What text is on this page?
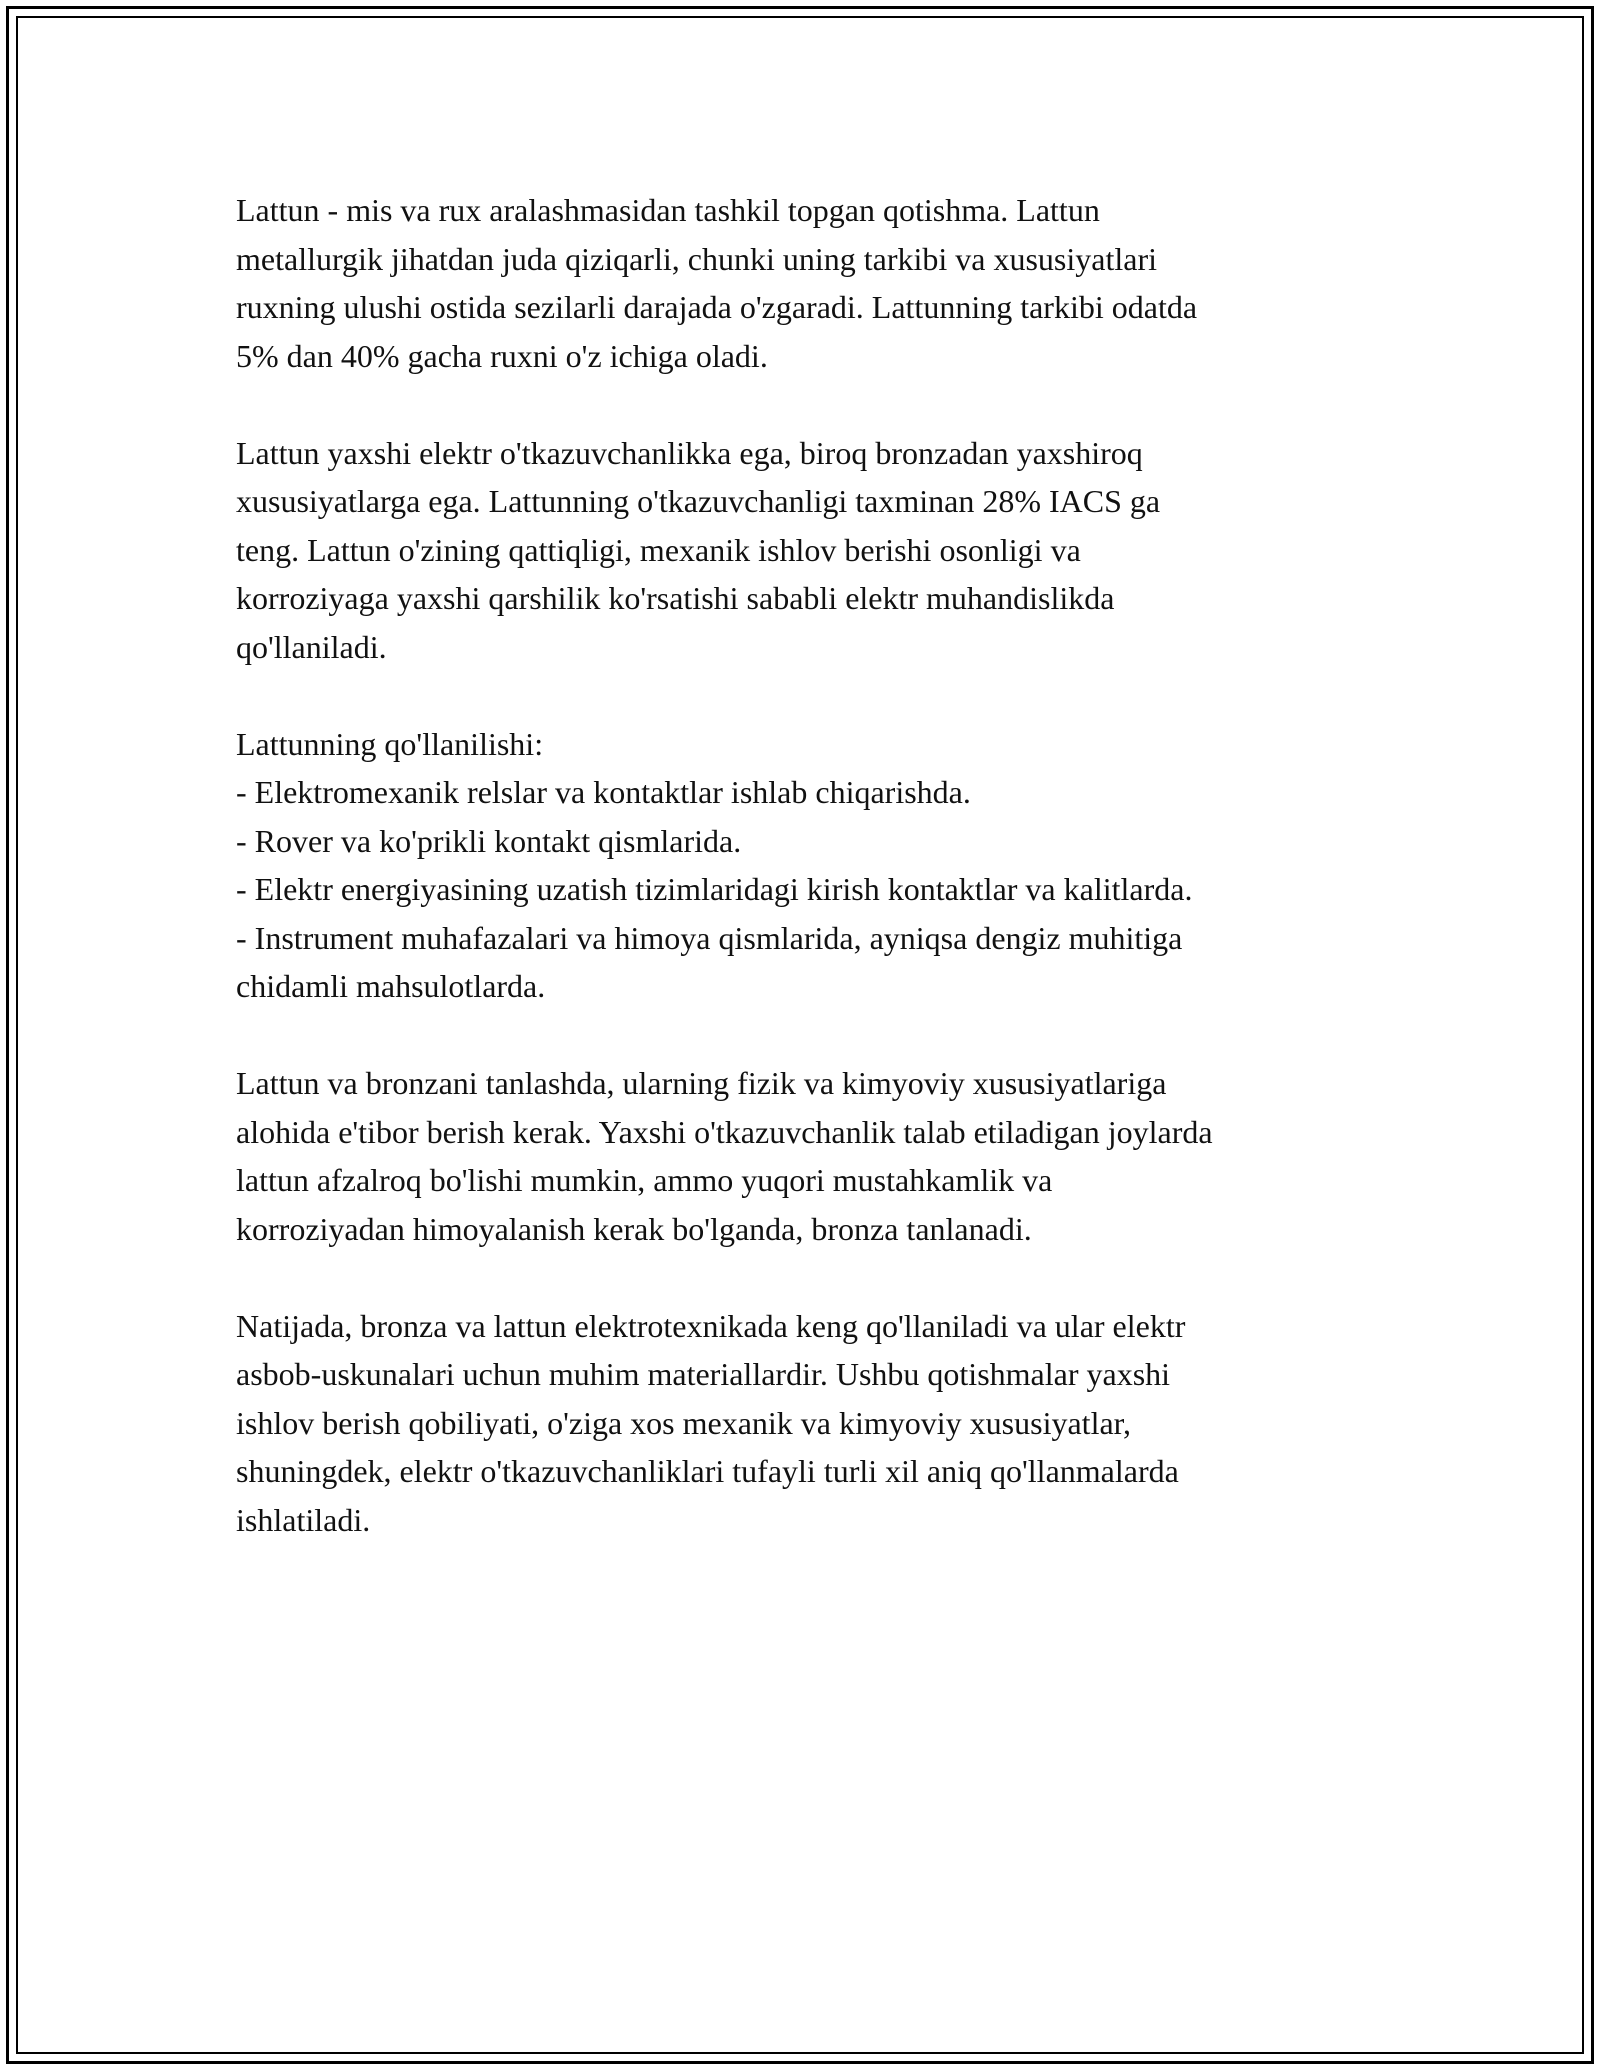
Lattun - mis va rux aralashmasidan tashkil topgan qotishma. Lattun
metallurgik jihatdan juda qiziqarli, chunki uning tarkibi va xususiyatlari
ruxning ulushi ostida sezilarli darajada o'zgaradi. Lattunning tarkibi odatda
5% dan 40% gacha ruxni o'z ichiga oladi.

Lattun yaxshi elektr o'tkazuvchanlikka ega, biroq bronzadan yaxshiroq
xususiyatlarga ega. Lattunning o'tkazuvchanligi taxminan 28% IACS ga
teng. Lattun o'zining qattiqligi, mexanik ishlov berishi osonligi va
korroziyaga yaxshi qarshilik ko'rsatishi sababli elektr muhandislikda
qo'llaniladi.

Lattunning qo'llanilishi:
- Elektromexanik relslar va kontaktlar ishlab chiqarishda.
- Rover va ko'prikli kontakt qismlarida.
- Elektr energiyasining uzatish tizimlaridagi kirish kontaktlar va kalitlarda.
- Instrument muhafazalari va himoya qismlarida, ayniqsa dengiz muhitiga
chidamli mahsulotlarda.

Lattun va bronzani tanlashda, ularning fizik va kimyoviy xususiyatlariga
alohida e'tibor berish kerak. Yaxshi o'tkazuvchanlik talab etiladigan joylarda
lattun afzalroq bo'lishi mumkin, ammo yuqori mustahkamlik va
korroziyadan himoyalanish kerak bo'lganda, bronza tanlanadi.

Natijada, bronza va lattun elektrotexnikada keng qo'llaniladi va ular elektr
asbob-uskunalari uchun muhim materiallardir. Ushbu qotishmalar yaxshi
ishlov berish qobiliyati, o'ziga xos mexanik va kimyoviy xususiyatlar,
shuningdek, elektr o'tkazuvchanliklari tufayli turli xil aniq qo'llanmalarda
ishlatiladi.
